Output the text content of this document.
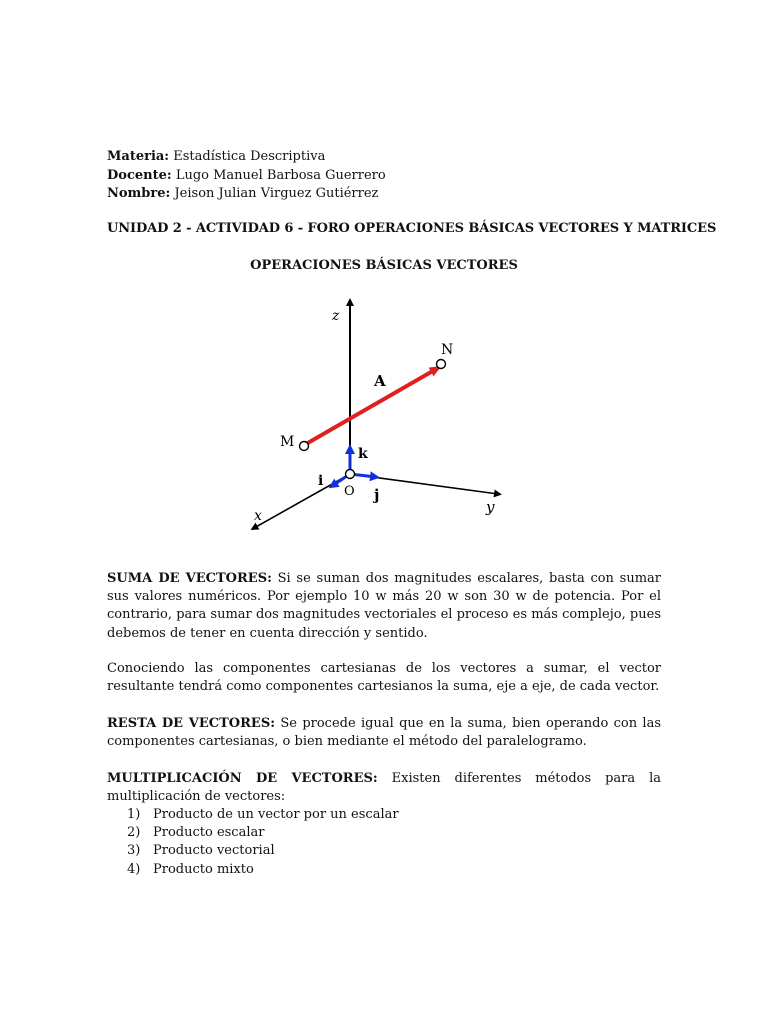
Materia: Estadística Descriptiva
Docente: Lugo Manuel Barbosa Guerrero
Nombre: Jeison Julian Virguez Gutiérrez
UNIDAD 2 - ACTIVIDAD 6 - FORO OPERACIONES BÁSICAS VECTORES Y MATRICES
OPERACIONES BÁSICAS VECTORES
z
N
A
M
k
i
O j
y
x
SUMA DE VECTORES: Si se suman dos magnitudes escalares, basta con sumar sus valores numéricos. Por ejemplo 10 w más 20 w son 30 w de potencia. Por el contrario, para sumar dos magnitudes vectoriales el proceso es más complejo, pues debemos de tener en cuenta dirección y sentido.
Conociendo las componentes cartesianas de los vectores a sumar, el vector resultante tendrá como componentes cartesianos la suma, eje a eje, de cada vector.
RESTA DE VECTORES: Se procede igual que en la suma, bien operando con las componentes cartesianas, o bien mediante el método del paralelogramo.
MULTIPLICACIÓN DE VECTORES: Existen diferentes métodos para la multiplicación de vectores:
1) Producto de un vector por un escalar
2) Producto escalar
3) Producto vectorial
4) Producto mixto
